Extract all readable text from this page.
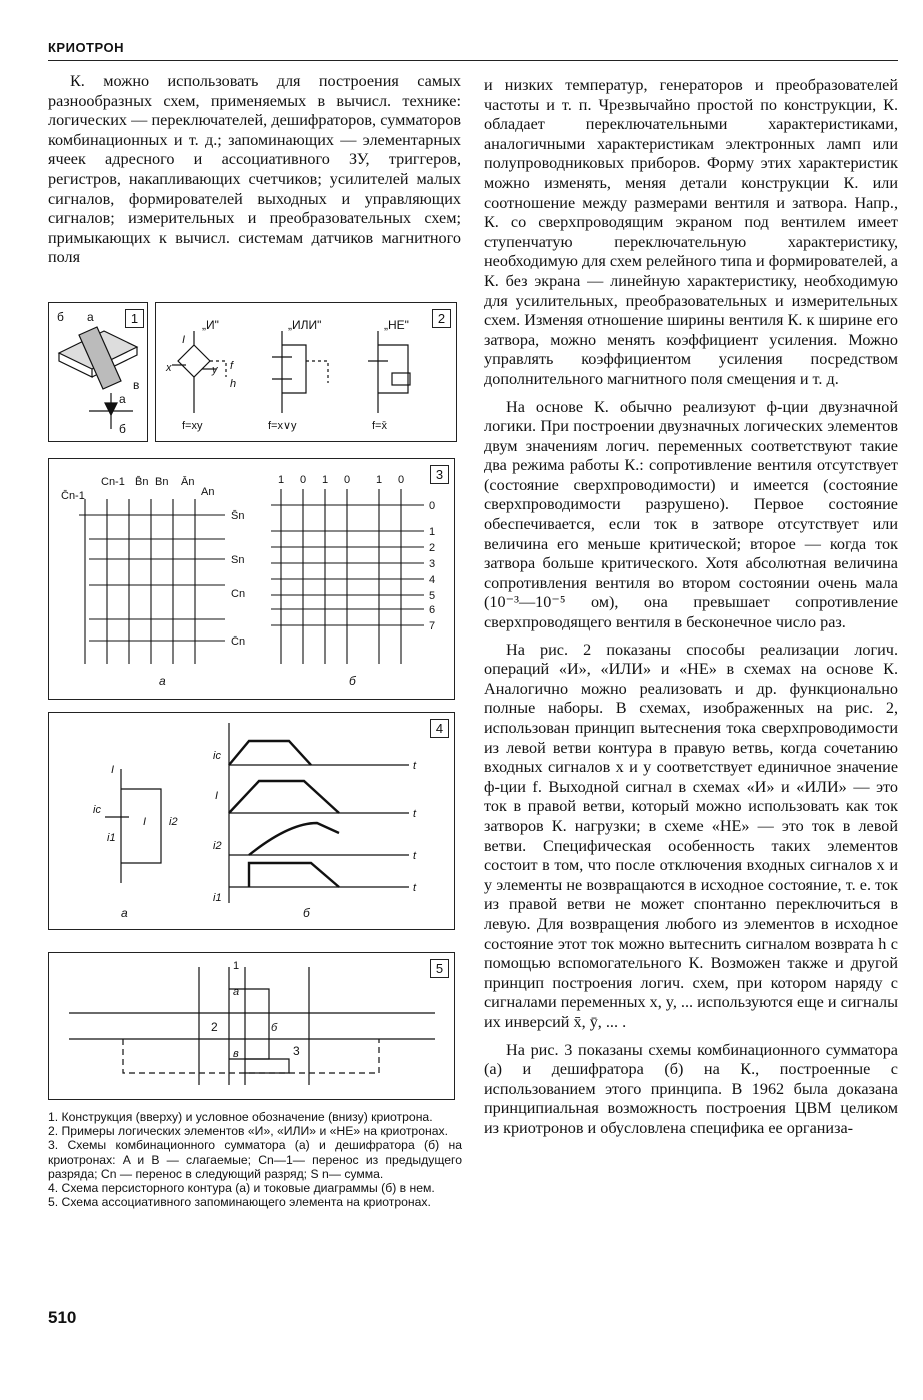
КРИОТРОН

К. можно использовать для построения самых разнообразных схем, применяемых в вычисл. технике: логических — переключателей, дешифраторов, сумматоров комбинационных и т. д.; запоминающих — элементарных ячеек адресного и ассоциативного ЗУ, триггеров, регистров, накапливающих счетчиков; усилителей малых сигналов, формирователей выходных и управляющих сигналов; измерительных и преобразовательных схем; примыкающих к вычисл. системам датчиков магнитного поля

и низких температур, генераторов и преобразователей частоты и т. п. Чрезвычайно простой по конструкции, К. обладает переключательными характеристиками, аналогичными характеристикам электронных ламп или полупроводниковых приборов. Форму этих характеристик можно изменять, меняя детали конструкции К. или соотношение между размерами вентиля и затвора. Напр., К. со сверхпроводящим экраном под вентилем имеет ступенчатую переключательную характеристику, необходимую для схем релейного типа и формирователей, а К. без экрана — линейную характеристику, необходимую для усилительных, преобразовательных и измерительных схем. Изменяя отношение ширины вентиля К. к ширине его затвора, можно менять коэффициент усиления. Можно управлять коэффициентом усиления посредством дополнительного магнитного поля смещения и т. д.

На основе К. обычно реализуют ф-ции двузначной логики. При построении двузначных логических элементов двум значениям логич. переменных соответствуют такие два режима работы К.: сопротивление вентиля отсутствует (состояние сверхпроводимости) и имеется (состояние сверхпроводимости разрушено). Первое состояние обеспечивается, если ток в затворе отсутствует или величина его меньше критической; второе — когда ток затвора больше критического. Хотя абсолютная величина сопротивления вентиля во втором состоянии очень мала (10⁻³—10⁻⁵ ом), она превышает сопротивление сверхпроводящего вентиля в бесконечное число раз.

На рис. 2 показаны способы реализации логич. операций «И», «ИЛИ» и «НЕ» в схемах на основе К. Аналогично можно реализовать и др. функционально полные наборы. В схемах, изображенных на рис. 2, использован принцип вытеснения тока сверхпроводимости из левой ветви контура в правую ветвь, когда сочетанию входных сигналов x и y соответствует единичное значение ф-ции f. Выходной сигнал в схемах «И» и «ИЛИ» — это ток в правой ветви, который можно использовать как ток затворов К. нагрузки; в схеме «НЕ» — это ток в левой ветви. Специфическая особенность таких элементов состоит в том, что после отключения входных сигналов x и y элементы не возвращаются в исходное состояние, т. е. ток из правой ветви не может спонтанно переключиться в левую. Для возвращения любого из элементов в исходное состояние этот ток можно вытеснить сигналом возврата h с помощью вспомогательного К. Возможен также и другой принцип построения логич. схем, при котором наряду с сигналами переменных x, y, ... используются еще и сигналы их инверсий x̄, ȳ, ... .

На рис. 3 показаны схемы комбинационного сумматора (а) и дешифратора (б) на К., построенные с использованием этого принципа. В 1962 была доказана принципиальная возможность построения ЦВМ целиком из криотронов и обусловлена специфика ее организа-

б а
в
а
б
1	„И"	„ИЛИ"	„НЕ"
I
x	y f
h
f=xy	f=x∨y	f=x̄
2
C̄n-1
Cn-1 B̄n Bn Ān
An
S̄n
Sn
Cn
C̄n
1 0 1 0 1 0
0
1
2
3
4
5
6
7
а	б
3
I
ic
I i2
i1
ic
I
i2
i1
t
t
t
t
а	б
4
1
а
2	б
в	3
5
1. Конструкция (вверху) и условное обозначение (внизу) криотрона.
2. Примеры логических элементов «И», «ИЛИ» и «НЕ» на криотронах.
3. Схемы комбинационного сумматора (а) и дешифратора (б) на криотронах: A и B — слагаемые; Cn—1— перенос из предыдущего разряда; Cn — перенос в следующий разряд; S n— сумма.
4. Схема персисторного контура (а) и токовые диаграммы (б) в нем.
5. Схема ассоциативного запоминающего элемента на криотронах.
510
